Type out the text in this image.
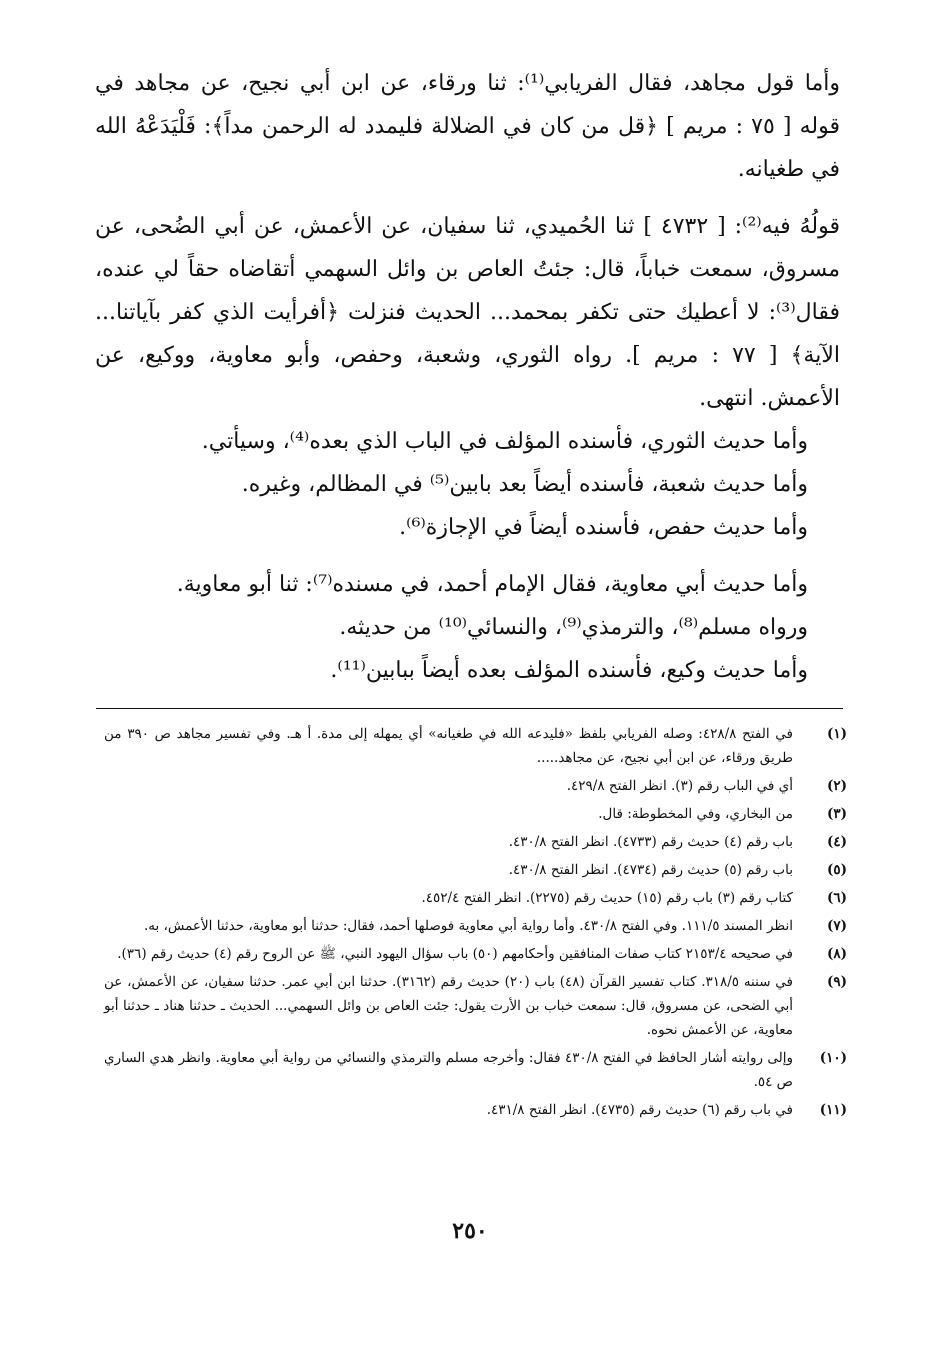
وأما قول مجاهد، فقال الفريابي⁽¹⁾: ثنا ورقاء، عن ابن أبي نجيح، عن مجاهد في قوله [ ٧٥ : مريم ] ﴿قل من كان في الضلالة فليمدد له الرحمن مداً﴾: فَلْيَدَعْهُ الله في طغيانه.

قولُهُ فيه⁽²⁾: [ ٤٧٣٢ ] ثنا الحُميدي، ثنا سفيان، عن الأعمش، عن أبي الضُحى، عن مسروق، سمعت خباباً، قال: جئتُ العاص بن وائل السهمي أتقاضاه حقاً لي عنده، فقال⁽³⁾: لا أعطيك حتى تكفر بمحمد... الحديث فنزلت ﴿أفرأيت الذي كفر بآياتنا... الآية﴾ [ ٧٧ : مريم ]. رواه الثوري، وشعبة، وحفص، وأبو معاوية، ووكيع، عن الأعمش. انتهى.

وأما حديث الثوري، فأسنده المؤلف في الباب الذي بعده⁽⁴⁾، وسيأتي.

وأما حديث شعبة، فأسنده أيضاً بعد بابين⁽⁵⁾ في المظالم، وغيره.

وأما حديث حفص، فأسنده أيضاً في الإجازة⁽⁶⁾.

وأما حديث أبي معاوية، فقال الإمام أحمد، في مسنده⁽⁷⁾: ثنا أبو معاوية.

ورواه مسلم⁽⁸⁾، والترمذي⁽⁹⁾، والنسائي⁽¹⁰⁾ من حديثه.

وأما حديث وكيع، فأسنده المؤلف بعده أيضاً ببابين⁽¹¹⁾.

(١)
في الفتح ٤٢٨/٨: وصله الفريابي بلفظ «فليدعه الله في طغيانه» أي يمهله إلى مدة. أ هـ. وفي تفسير مجاهد ص ٣٩٠ من طريق ورقاء، عن ابن أبي نجيح، عن مجاهد.....
(٢)
أي في الباب رقم (٣). انظر الفتح ٤٢٩/٨.
(٣)
من البخاري، وفي المخطوطة: قال.
(٤)
باب رقم (٤) حديث رقم (٤٧٣٣). انظر الفتح ٤٣٠/٨.
(٥)
باب رقم (٥) حديث رقم (٤٧٣٤). انظر الفتح ٤٣٠/٨.
(٦)
كتاب رقم (٣) باب رقم (١٥) حديث رقم (٢٢٧٥). انظر الفتح ٤٥٢/٤.
(٧)
انظر المسند ١١١/٥. وفي الفتح ٤٣٠/٨. وأما رواية أبي معاوية فوصلها أحمد، فقال: حدثنا أبو معاوية، حدثنا الأعمش، به.
(٨)
في صحيحه ٢١٥٣/٤ كتاب صفات المنافقين وأحكامهم (٥٠) باب سؤال اليهود النبي، ﷺ عن الروح رقم (٤) حديث رقم (٣٦).
(٩)
في سننه ٣١٨/٥. كتاب تفسير القرآن (٤٨) باب (٢٠) حديث رقم (٣١٦٢). حدثنا ابن أبي عمر. حدثنا سفيان، عن الأعمش، عن أبي الضحى، عن مسروق، قال: سمعت خباب بن الأرت يقول: جئت العاص بن وائل السهمي... الحديث ـ حدثنا هناد ـ حدثنا أبو معاوية، عن الأعمش نحوه.
(١٠)
وإلى روايته أشار الحافظ في الفتح ٤٣٠/٨ فقال: وأخرجه مسلم والترمذي والنسائي من رواية أبي معاوية. وانظر هدي الساري ص ٥٤.
(١١)
في باب رقم (٦) حديث رقم (٤٧٣٥). انظر الفتح ٤٣١/٨.
٢٥٠
